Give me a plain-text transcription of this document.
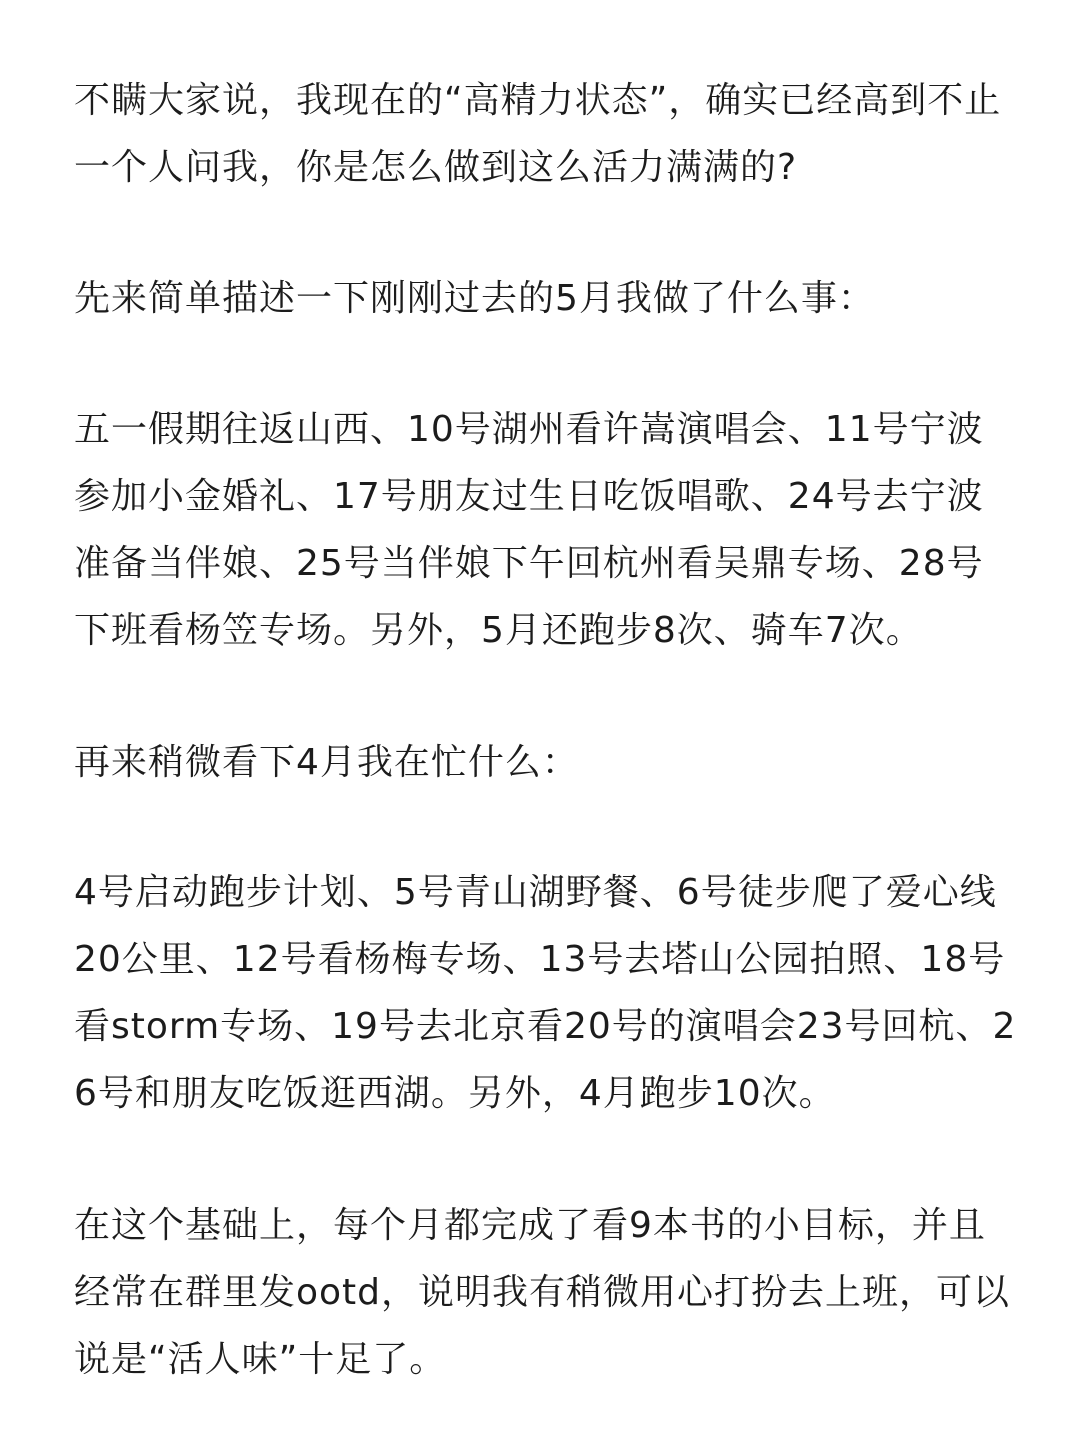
不瞒大家说，我现在的“高精力状态”，确实已经高到不止一个人问我，你是怎么做到这么活力满满的?

先来简单描述一下刚刚过去的5月我做了什么事：

五一假期往返山西、10号湖州看许嵩演唱会、11号宁波参加小金婚礼、17号朋友过生日吃饭唱歌、24号去宁波准备当伴娘、25号当伴娘下午回杭州看吴鼎专场、28号下班看杨笠专场。另外，5月还跑步8次、骑车7次。

再来稍微看下4月我在忙什么：

4号启动跑步计划、5号青山湖野餐、6号徒步爬了爱心线20公里、12号看杨梅专场、13号去塔山公园拍照、18号看storm专场、19号去北京看20号的演唱会23号回杭、26号和朋友吃饭逛西湖。另外，4月跑步10次。

在这个基础上，每个月都完成了看9本书的小目标，并且经常在群里发ootd，说明我有稍微用心打扮去上班，可以说是“活人味”十足了。
